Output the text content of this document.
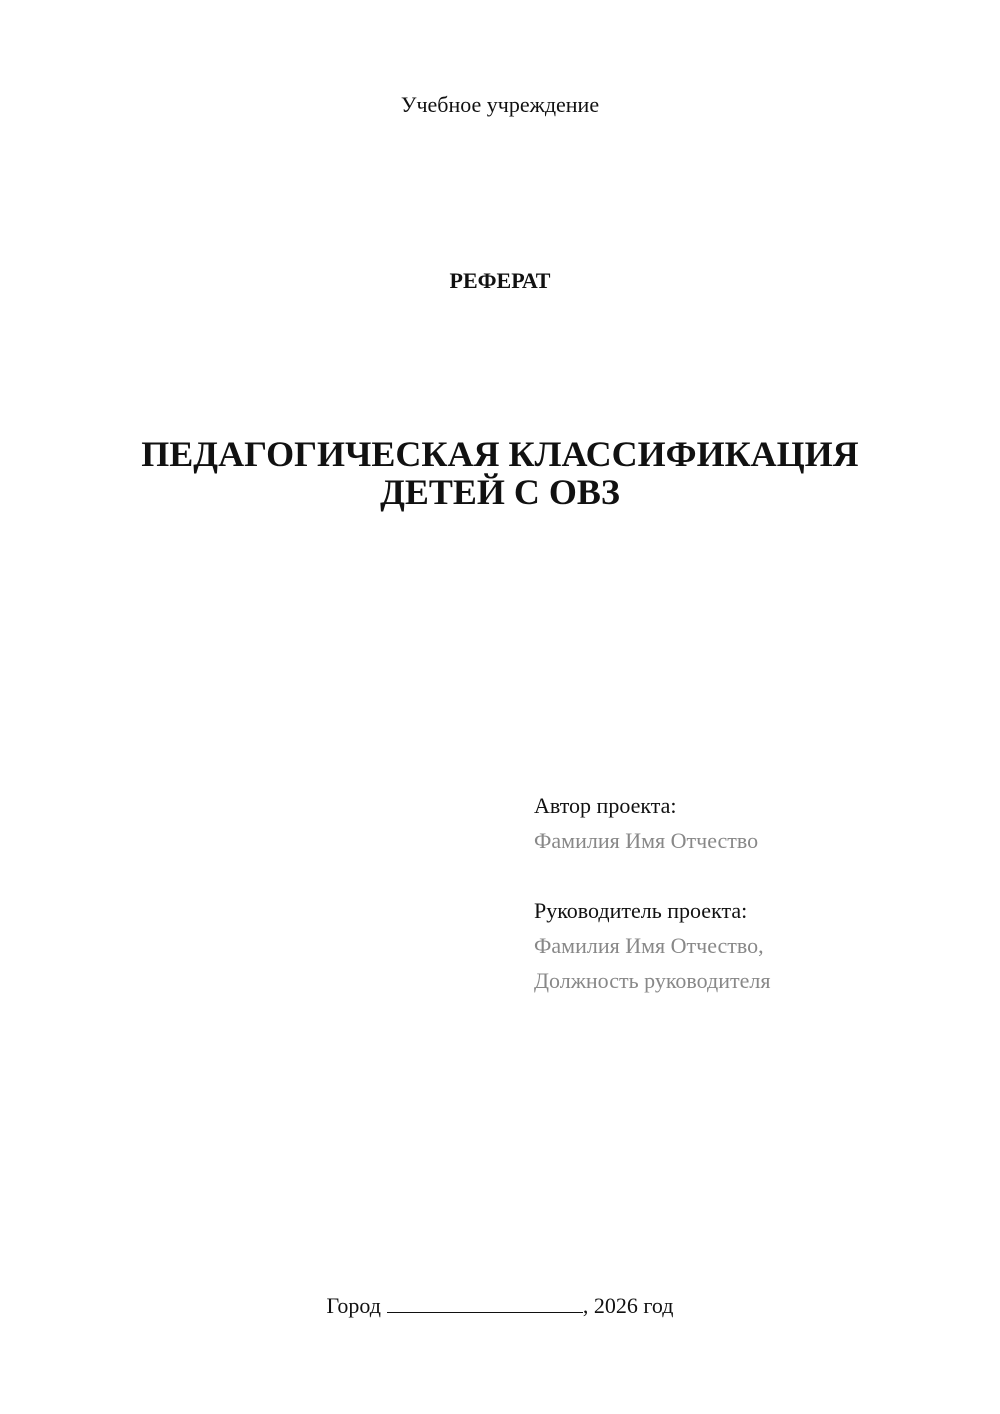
Учебное учреждение
РЕФЕРАТ
ПЕДАГОГИЧЕСКАЯ КЛАССИФИКАЦИЯ
ДЕТЕЙ С ОВЗ
Автор проекта:
Фамилия Имя Отчество
Руководитель проекта:
Фамилия Имя Отчество,
Должность руководителя
Город	, 2026 год
